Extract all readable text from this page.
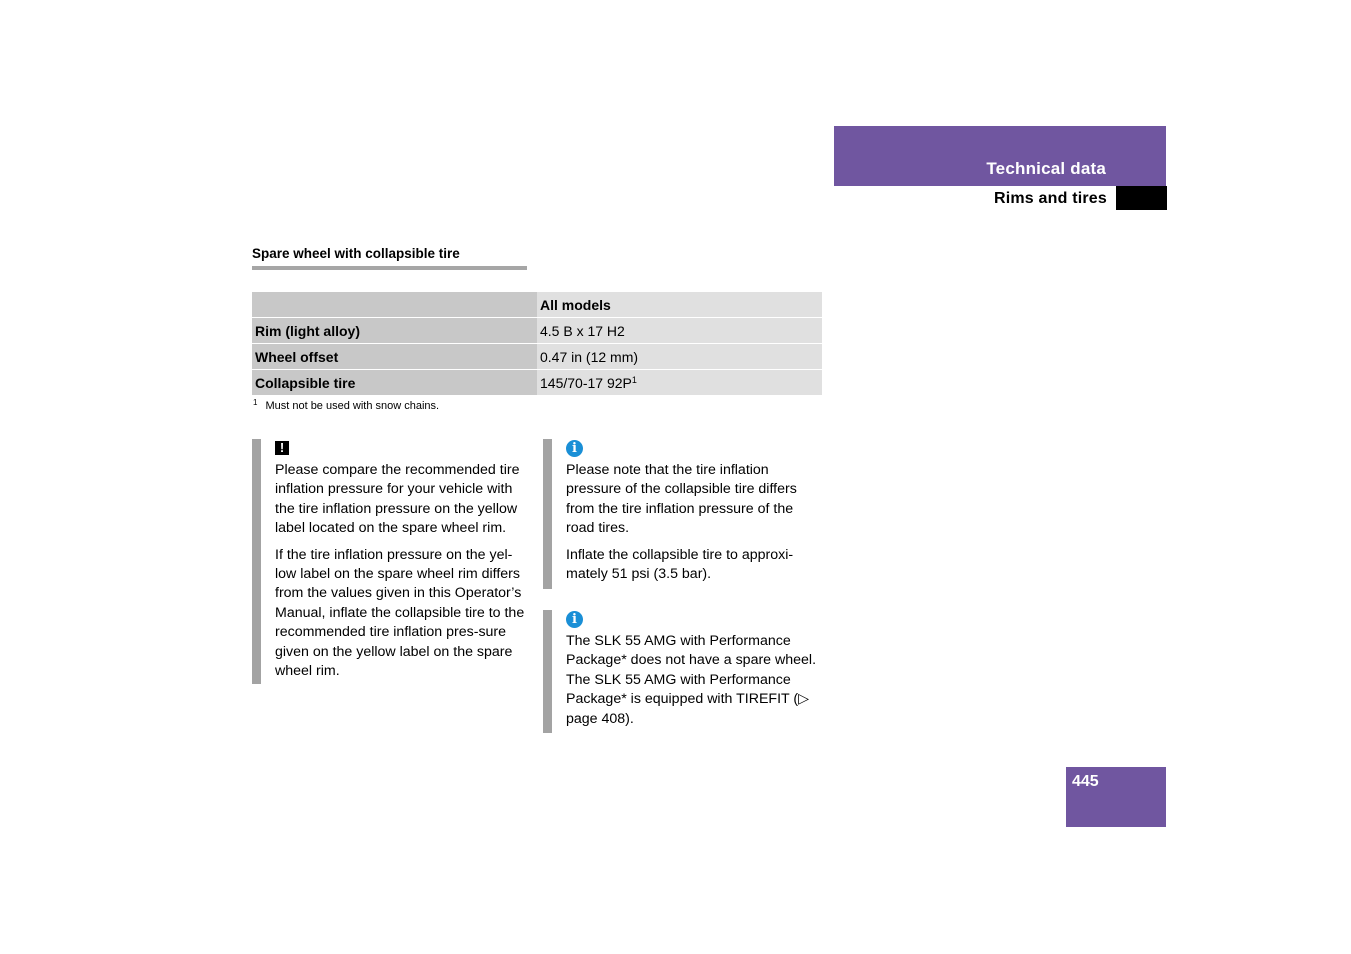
Technical data
Rims and tires
Spare wheel with collapsible tire
	All models
Rim (light alloy)	4.5 B x 17 H2
Wheel offset	0.47 in (12 mm)
Collapsible tire	145/70-17 $92P^1$
$^1$ Must not be used with snow chains.
!

Please compare the recommended tire inflation pressure for your vehicle with the tire inflation pressure on the yellow label located on the spare wheel rim.

If the tire inflation pressure on the yel-low label on the spare wheel rim differs from the values given in this Operator’s Manual, inflate the collapsible tire to the recommended tire inflation pres-sure given on the yellow label on the spare wheel rim.

i

Please note that the tire inflation pressure of the collapsible tire differs from the tire inflation pressure of the road tires.

Inflate the collapsible tire to approxi-mately 51 psi (3.5 bar).

i

The SLK 55 AMG with Performance Package* does not have a spare wheel. The SLK 55 AMG with Performance Package* is equipped with TIREFIT (▷ page 408).

445
